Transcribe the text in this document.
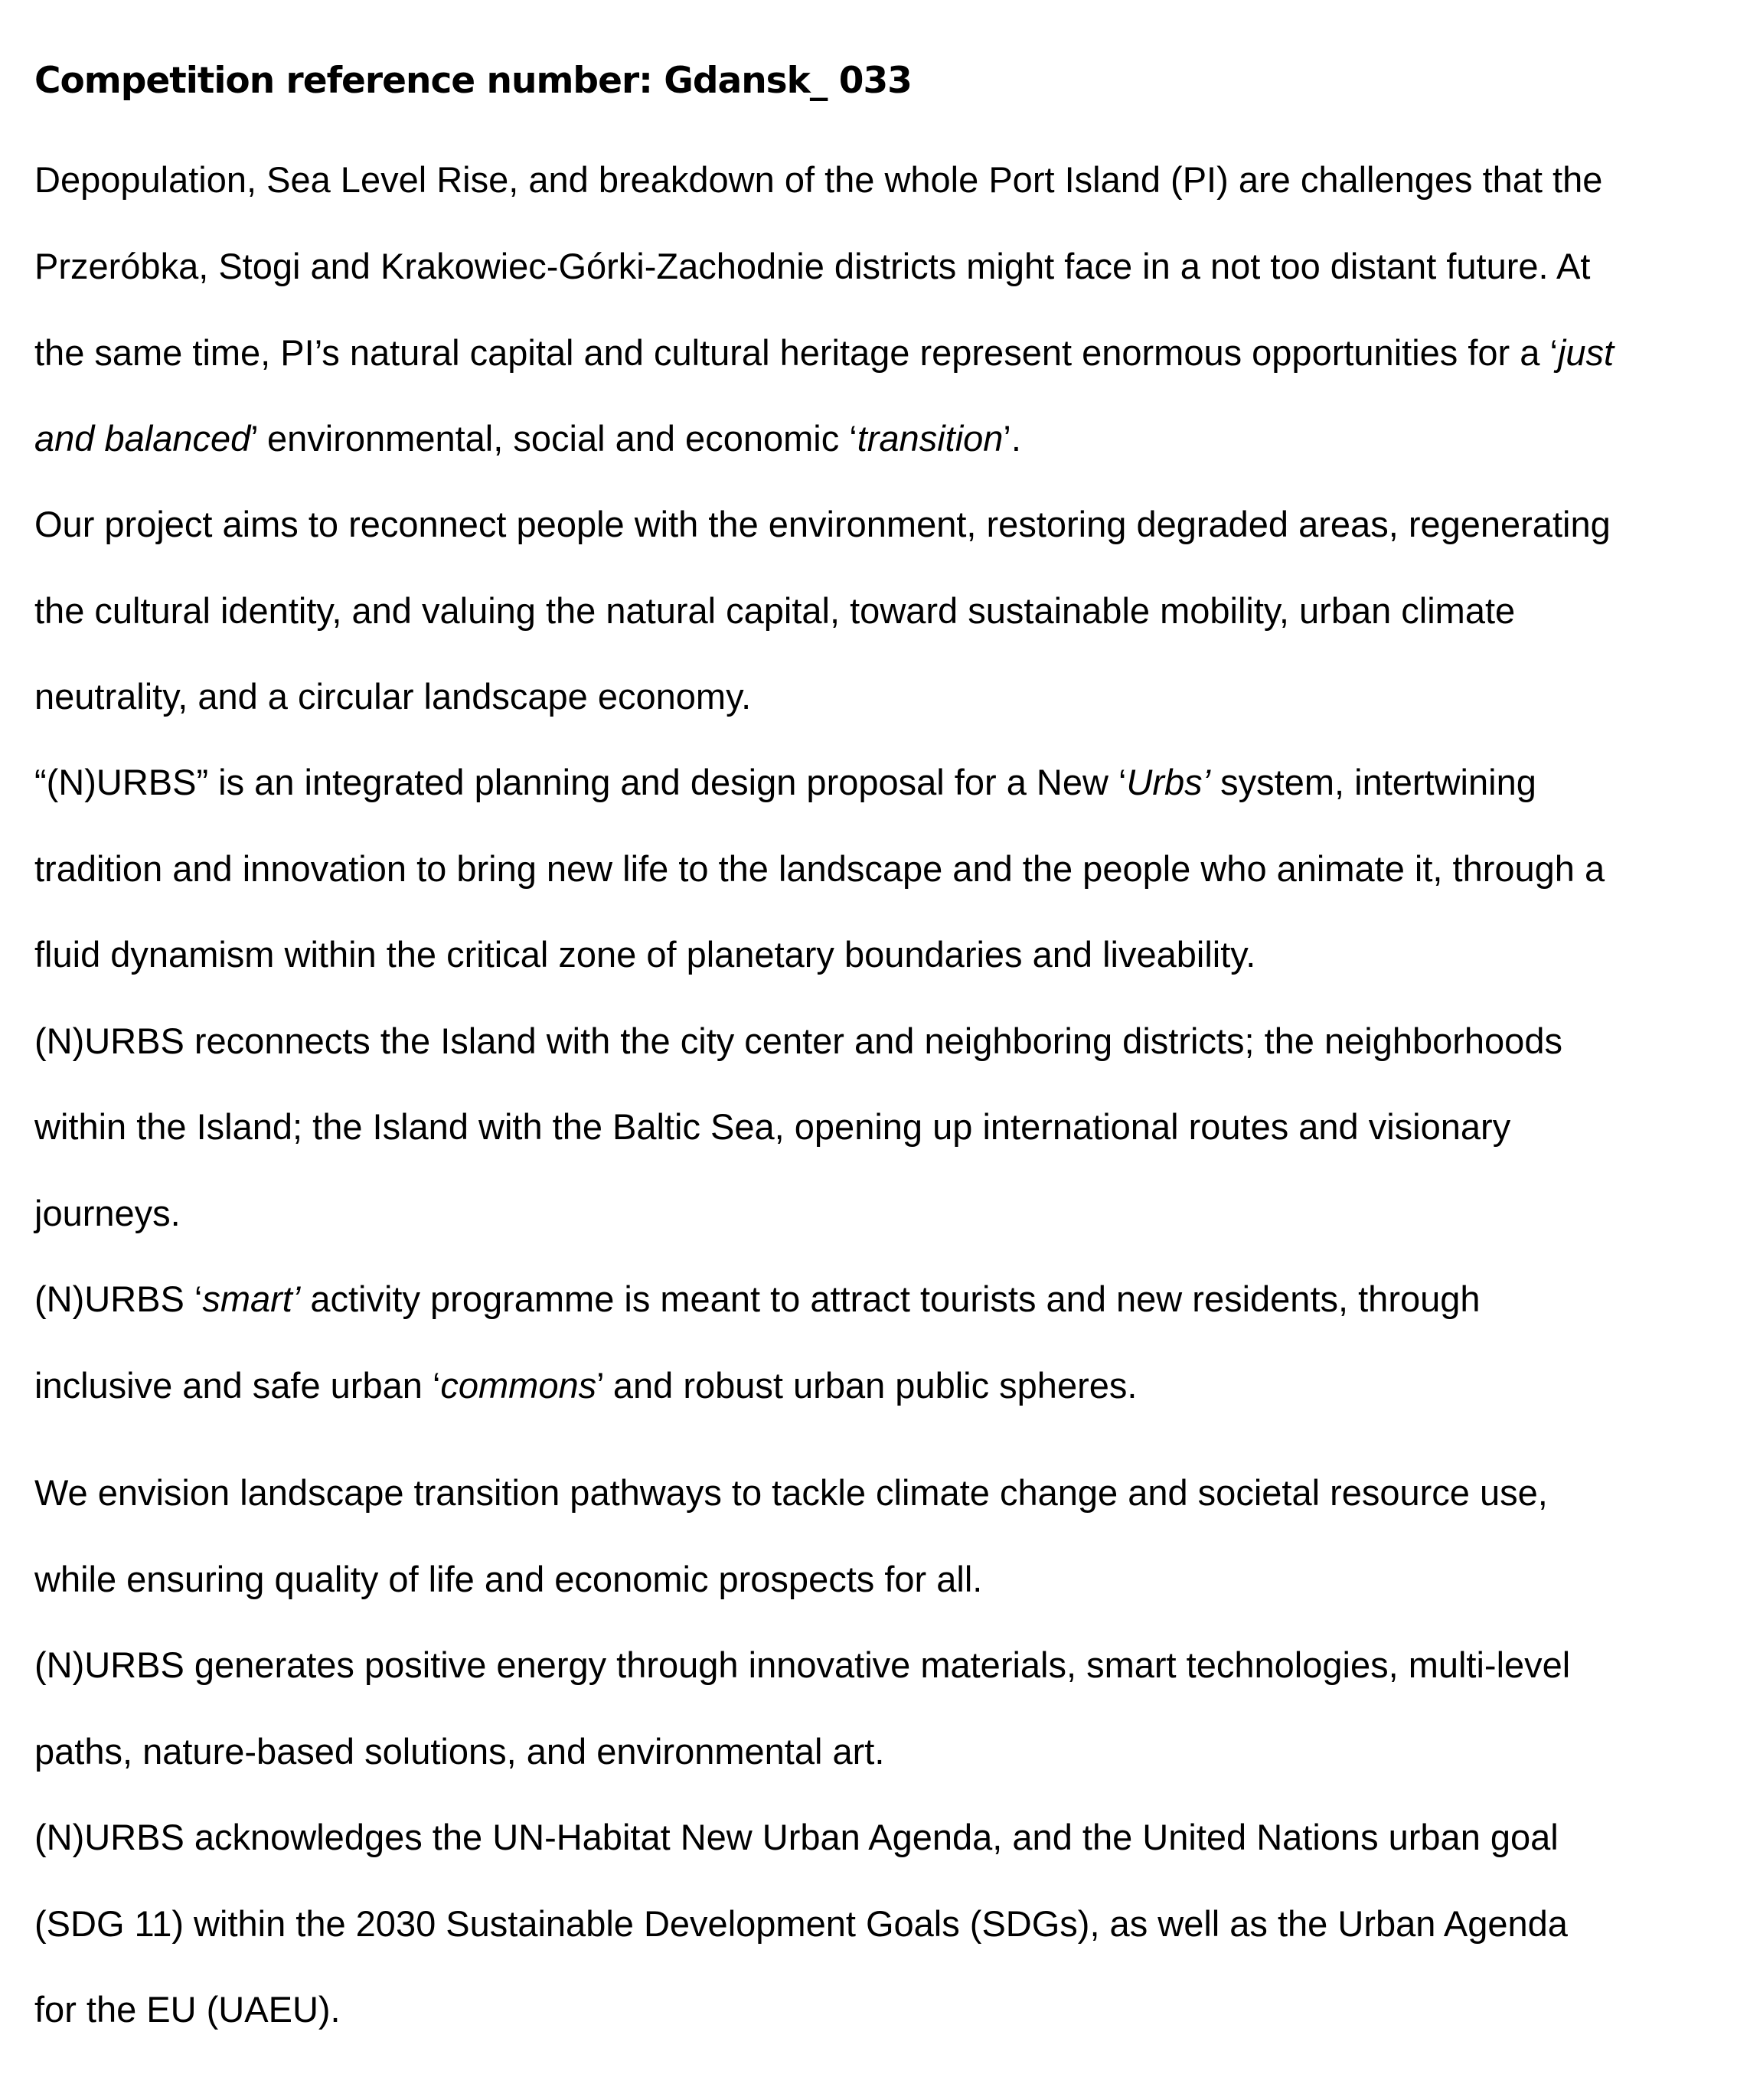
Competition reference number: Gdansk_ 033

Depopulation, Sea Level Rise, and breakdown of the whole Port Island (PI) are challenges that the

Przeróbka, Stogi and Krakowiec-Górki-Zachodnie districts might face in a not too distant future. At

the same time, PI’s natural capital and cultural heritage represent enormous opportunities for a ‘just

and balanced’ environmental, social and economic ‘transition’.

Our project aims to reconnect people with the environment, restoring degraded areas, regenerating

the cultural identity, and valuing the natural capital, toward sustainable mobility, urban climate

neutrality, and a circular landscape economy.

“(N)URBS” is an integrated planning and design proposal for a New ‘Urbs’ system, intertwining

tradition and innovation to bring new life to the landscape and the people who animate it, through a

fluid dynamism within the critical zone of planetary boundaries and liveability.

(N)URBS reconnects the Island with the city center and neighboring districts; the neighborhoods

within the Island; the Island with the Baltic Sea, opening up international routes and visionary

journeys.

(N)URBS ‘smart’ activity programme is meant to attract tourists and new residents, through

inclusive and safe urban ‘commons’ and robust urban public spheres.

We envision landscape transition pathways to tackle climate change and societal resource use,

while ensuring quality of life and economic prospects for all.

(N)URBS generates positive energy through innovative materials, smart technologies, multi-level

paths, nature-based solutions, and environmental art.

(N)URBS acknowledges the UN-Habitat New Urban Agenda, and the United Nations urban goal

(SDG 11) within the 2030 Sustainable Development Goals (SDGs), as well as the Urban Agenda

for the EU (UAEU).
